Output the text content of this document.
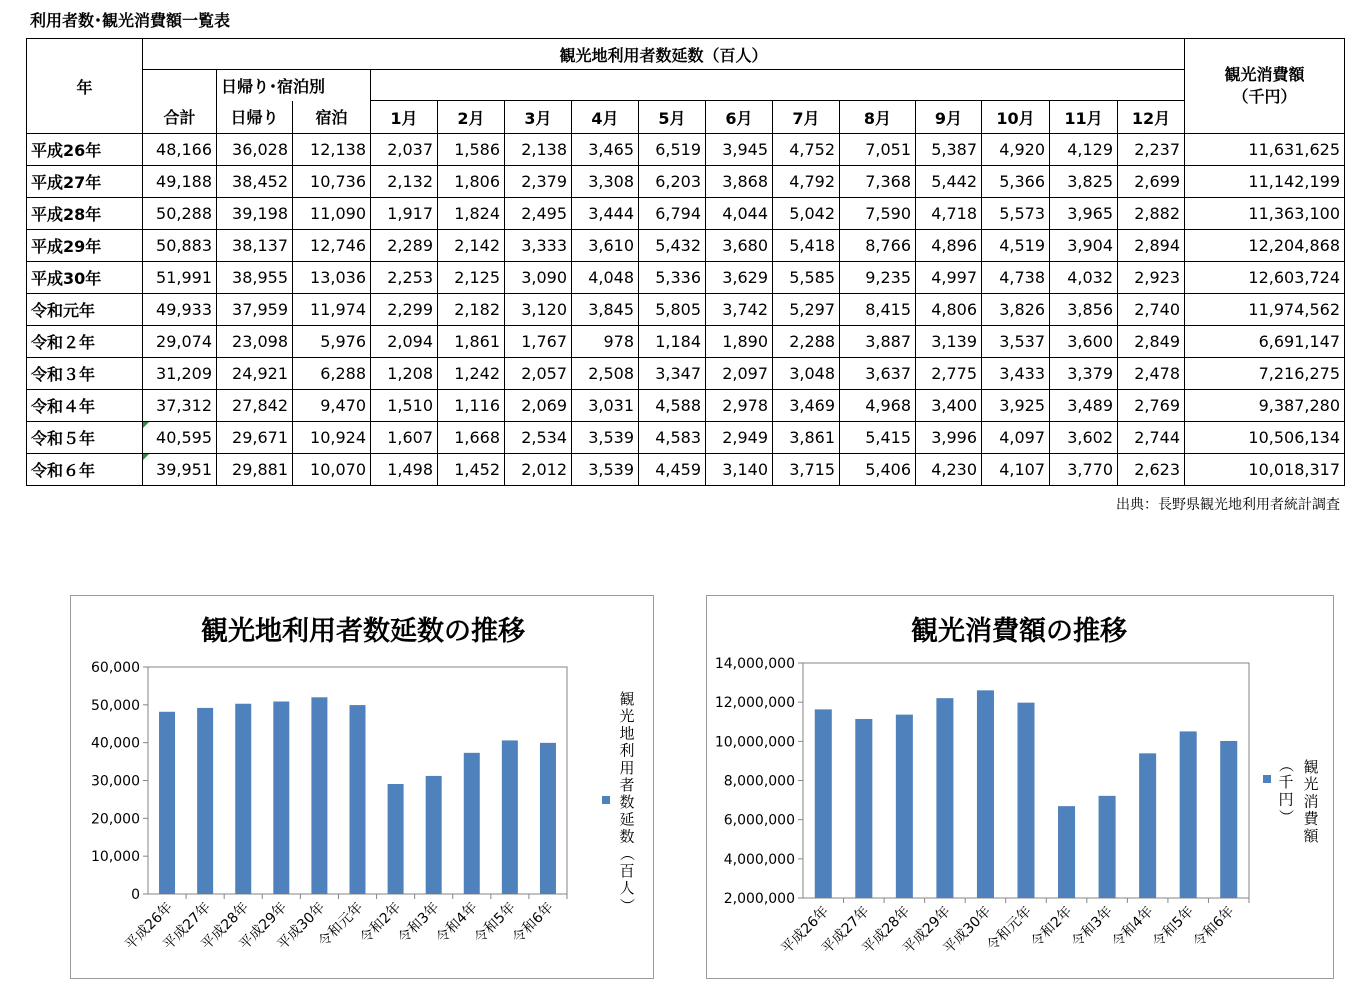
利用者数･観光消費額一覧表
年	観光地利用者数延数（百人）															観光消費額
（千円）
		日帰り･宿泊別														
	合計	日帰り	宿泊	1月	2月	3月	4月	5月	6月	7月	8月	9月	10月	11月	12月	
平成26年	48,166	36,028	12,138	2,037	1,586	2,138	3,465	6,519	3,945	4,752	7,051	5,387	4,920	4,129	2,237	11,631,625
平成27年	49,188	38,452	10,736	2,132	1,806	2,379	3,308	6,203	3,868	4,792	7,368	5,442	5,366	3,825	2,699	11,142,199
平成28年	50,288	39,198	11,090	1,917	1,824	2,495	3,444	6,794	4,044	5,042	7,590	4,718	5,573	3,965	2,882	11,363,100
平成29年	50,883	38,137	12,746	2,289	2,142	3,333	3,610	5,432	3,680	5,418	8,766	4,896	4,519	3,904	2,894	12,204,868
平成30年	51,991	38,955	13,036	2,253	2,125	3,090	4,048	5,336	3,629	5,585	9,235	4,997	4,738	4,032	2,923	12,603,724
令和元年	49,933	37,959	11,974	2,299	2,182	3,120	3,845	5,805	3,742	5,297	8,415	4,806	3,826	3,856	2,740	11,974,562
令和２年	29,074	23,098	5,976	2,094	1,861	1,767	978	1,184	1,890	2,288	3,887	3,139	3,537	3,600	2,849	6,691,147
令和３年	31,209	24,921	6,288	1,208	1,242	2,057	2,508	3,347	2,097	3,048	3,637	2,775	3,433	3,379	2,478	7,216,275
令和４年	37,312	27,842	9,470	1,510	1,116	2,069	3,031	4,588	2,978	3,469	4,968	3,400	3,925	3,489	2,769	9,387,280
令和５年	40,595	29,671	10,924	1,607	1,668	2,534	3,539	4,583	2,949	3,861	5,415	3,996	4,097	3,602	2,744	10,506,134
令和６年	39,951	29,881	10,070	1,498	1,452	2,012	3,539	4,459	3,140	3,715	5,406	4,230	4,107	3,770	2,623	10,018,317
出典：長野県観光地利用者統計調査
観光地利用者数延数の推移
0
10,000
20,000
30,000
40,000
50,000
60,000
平成26年
平成27年
平成28年
平成29年
平成30年
令和元年
令和2年
令和3年
令和4年
令和5年
令和6年
観
光
地
利
用
者
数
延
数
（
百
人
）
観光消費額の推移
2,000,000
4,000,000
6,000,000
8,000,000
10,000,000
12,000,000
14,000,000
平成26年
平成27年
平成28年
平成29年
平成30年
令和元年
令和2年
令和3年
令和4年
令和5年
令和6年
観
光
消
費
額
（
千
円
）
